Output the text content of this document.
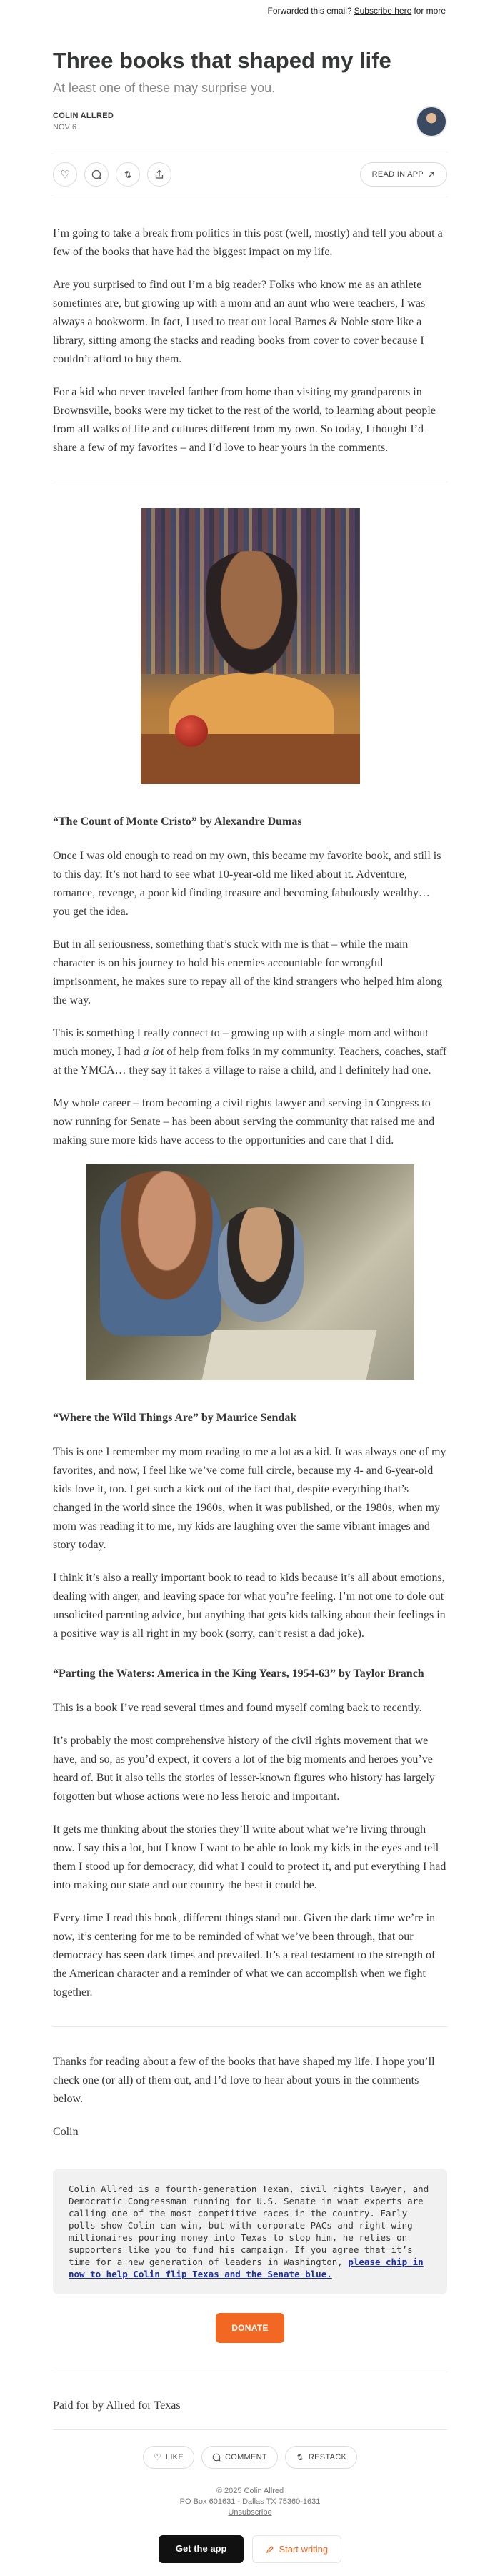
Forwarded this email? Subscribe here for more
Three books that shaped my life
At least one of these may surprise you.
COLIN ALLRED
NOV 6
♡	READ IN APP

I’m going to take a break from politics in this post (well, mostly) and tell you about a few of the books that have had the biggest impact on my life.

Are you surprised to find out I’m a big reader? Folks who know me as an athlete sometimes are, but growing up with a mom and an aunt who were teachers, I was always a bookworm. In fact, I used to treat our local Barnes & Noble store like a library, sitting among the stacks and reading books from cover to cover because I couldn’t afford to buy them.

For a kid who never traveled farther from home than visiting my grandparents in Brownsville, books were my ticket to the rest of the world, to learning about people from all walks of life and cultures different from my own. So today, I thought I’d share a few of my favorites – and I’d love to hear yours in the comments.

“The Count of Monte Cristo” by Alexandre Dumas

Once I was old enough to read on my own, this became my favorite book, and still is to this day. It’s not hard to see what 10-year-old me liked about it. Adventure, romance, revenge, a poor kid finding treasure and becoming fabulously wealthy… you get the idea.

But in all seriousness, something that’s stuck with me is that – while the main character is on his journey to hold his enemies accountable for wrongful imprisonment, he makes sure to repay all of the kind strangers who helped him along the way.

This is something I really connect to – growing up with a single mom and without much money, I had a lot of help from folks in my community. Teachers, coaches, staff at the YMCA… they say it takes a village to raise a child, and I definitely had one.

My whole career – from becoming a civil rights lawyer and serving in Congress to now running for Senate – has been about serving the community that raised me and making sure more kids have access to the opportunities and care that I did.

“Where the Wild Things Are” by Maurice Sendak

This is one I remember my mom reading to me a lot as a kid. It was always one of my favorites, and now, I feel like we’ve come full circle, because my 4- and 6-year-old kids love it, too. I get such a kick out of the fact that, despite everything that’s changed in the world since the 1960s, when it was published, or the 1980s, when my mom was reading it to me, my kids are laughing over the same vibrant images and story today.

I think it’s also a really important book to read to kids because it’s all about emotions, dealing with anger, and leaving space for what you’re feeling. I’m not one to dole out unsolicited parenting advice, but anything that gets kids talking about their feelings in a positive way is all right in my book (sorry, can’t resist a dad joke).

“Parting the Waters: America in the King Years, 1954-63” by Taylor Branch

This is a book I’ve read several times and found myself coming back to recently.

It’s probably the most comprehensive history of the civil rights movement that we have, and so, as you’d expect, it covers a lot of the big moments and heroes you’ve heard of. But it also tells the stories of lesser-known figures who history has largely forgotten but whose actions were no less heroic and important.

It gets me thinking about the stories they’ll write about what we’re living through now. I say this a lot, but I know I want to be able to look my kids in the eyes and tell them I stood up for democracy, did what I could to protect it, and put everything I had into making our state and our country the best it could be.

Every time I read this book, different things stand out. Given the dark time we’re in now, it’s centering for me to be reminded of what we’ve been through, that our democracy has seen dark times and prevailed. It’s a real testament to the strength of the American character and a reminder of what we can accomplish when we fight together.

Thanks for reading about a few of the books that have shaped my life. I hope you’ll check one (or all) of them out, and I’d love to hear about yours in the comments below.

Colin

Colin Allred is a fourth-generation Texan, civil rights lawyer, and Democratic Congressman running for U.S. Senate in what experts are calling one of the most competitive races in the country. Early polls show Colin can win, but with corporate PACs and right-wing millionaires pouring money into Texas to stop him, he relies on supporters like you to fund his campaign. If you agree that it’s time for a new generation of leaders in Washington, please chip in now to help Colin flip Texas and the Senate blue.
DONATE

Paid for by Allred for Texas

♡ LIKE	COMMENT	RESTACK
© 2025 Colin Allred
PO Box 601631 - Dallas TX 75360-1631
Unsubscribe
Get the app	Start writing
